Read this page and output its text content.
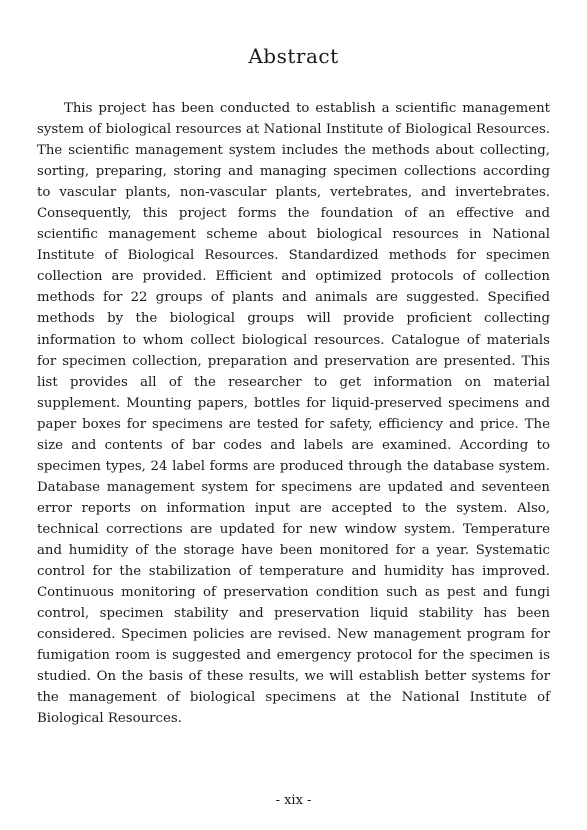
Abstract

This project has been conducted to establish a scientific management system of biological resources at National Institute of Biological Resources. The scientific management system includes the methods about collecting, sorting, preparing, storing and managing specimen collections according to vascular plants, non-vascular plants, vertebrates, and invertebrates. Consequently, this project forms the foundation of an effective and scientific management scheme about biological resources in National Institute of Biological Resources. Standardized methods for specimen collection are provided. Efficient and optimized protocols of collection methods for 22 groups of plants and animals are suggested. Specified methods by the biological groups will provide proficient collecting information to whom collect biological resources. Catalogue of materials for specimen collection, preparation and preservation are presented. This list provides all of the researcher to get information on material supplement. Mounting papers, bottles for liquid-preserved specimens and paper boxes for specimens are tested for safety, efficiency and price. The size and contents of bar codes and labels are examined. According to specimen types, 24 label forms are produced through the database system. Database management system for specimens are updated and seventeen error reports on information input are accepted to the system. Also, technical corrections are updated for new window system. Temperature and humidity of the storage have been monitored for a year. Systematic control for the stabilization of temperature and humidity has improved. Continuous monitoring of preservation condition such as pest and fungi control, specimen stability and preservation liquid stability has been considered. Specimen policies are revised. New management program for fumigation room is suggested and emergency protocol for the specimen is studied. On the basis of these results, we will establish better systems for the management of biological specimens at the National Institute of Biological Resources.

- xix -
